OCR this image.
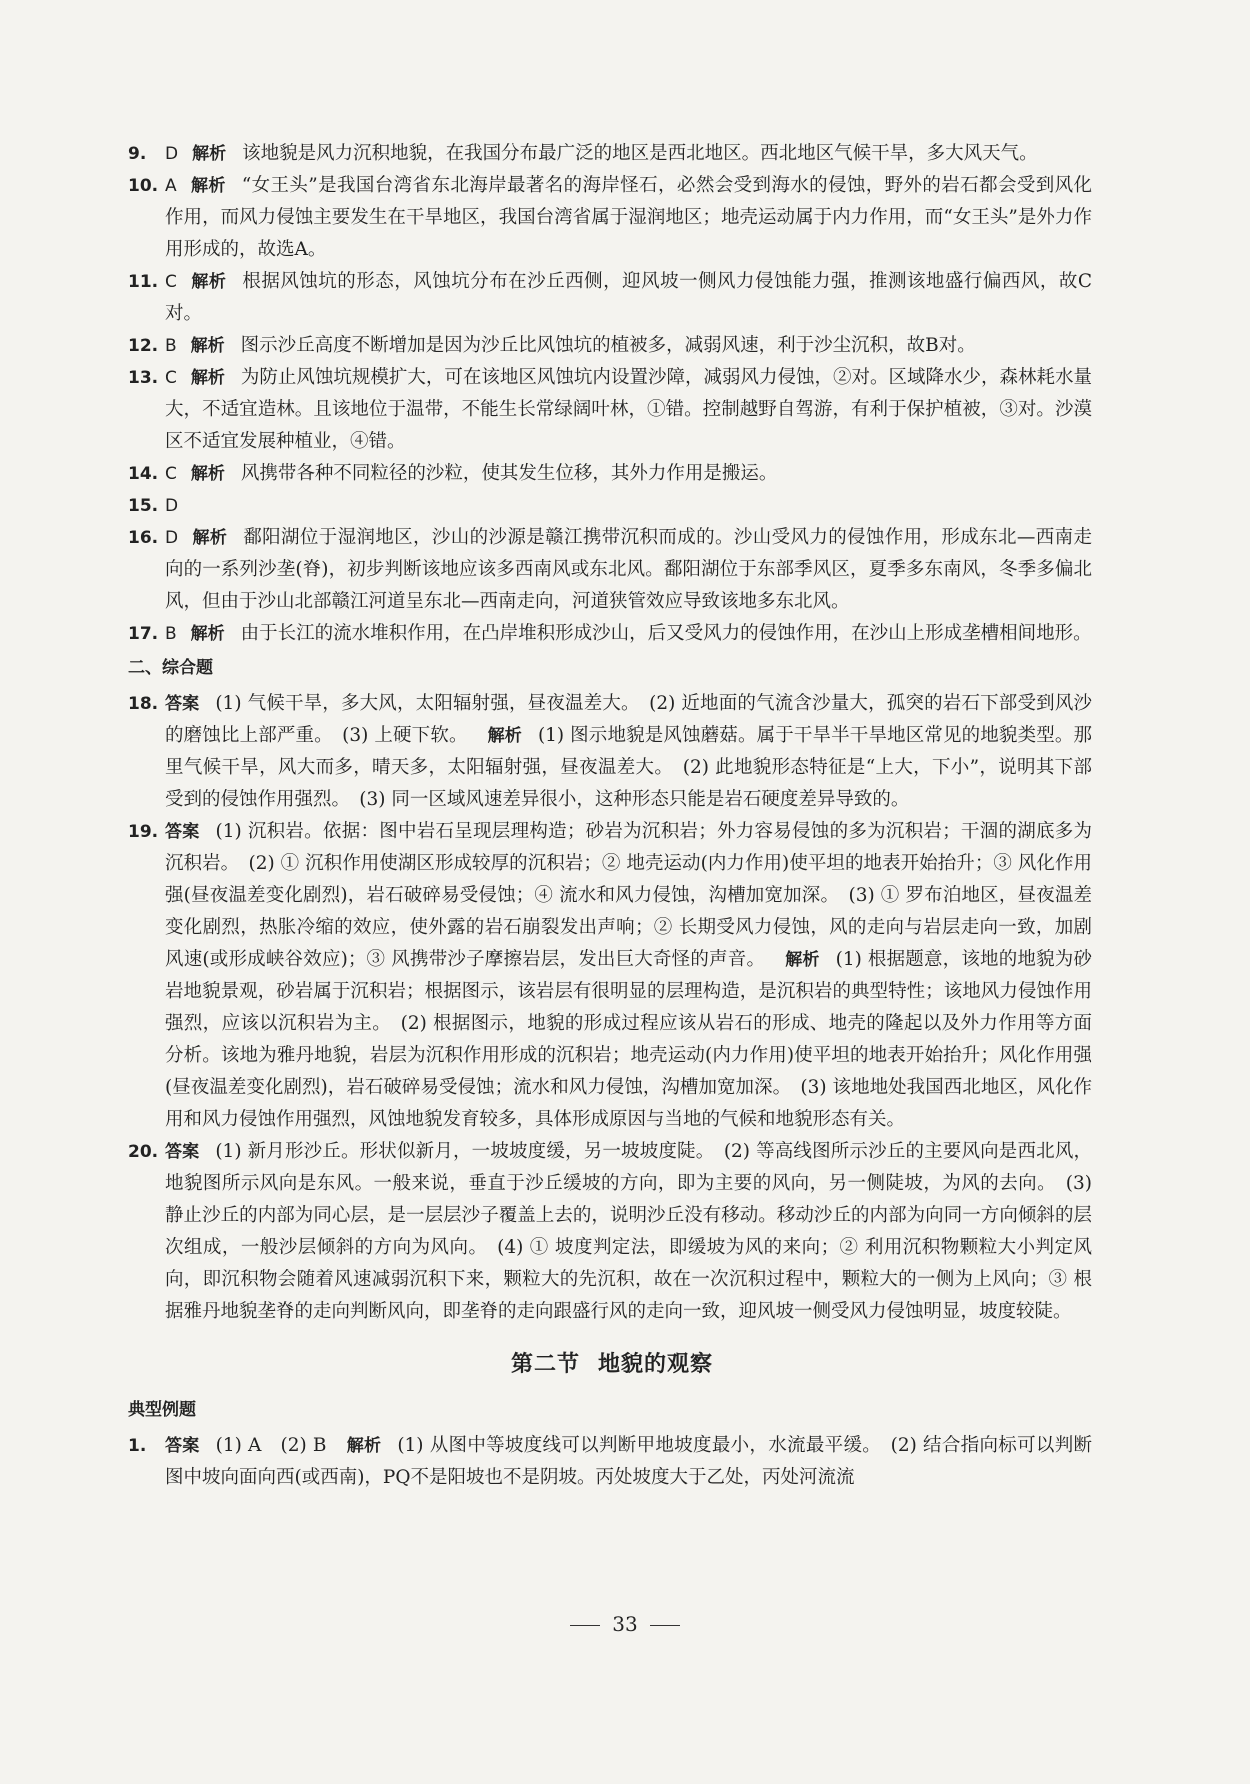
9. D 解析 该地貌是风力沉积地貌，在我国分布最广泛的地区是西北地区。西北地区气候干旱，多大风天气。
10. A 解析 “女王头”是我国台湾省东北海岸最著名的海岸怪石，必然会受到海水的侵蚀，野外的岩石都会受到风化作用，而风力侵蚀主要发生在干旱地区，我国台湾省属于湿润地区；地壳运动属于内力作用，而“女王头”是外力作用形成的，故选A。
11. C 解析 根据风蚀坑的形态，风蚀坑分布在沙丘西侧，迎风坡一侧风力侵蚀能力强，推测该地盛行偏西风，故C对。
12. B 解析 图示沙丘高度不断增加是因为沙丘比风蚀坑的植被多，减弱风速，利于沙尘沉积，故B对。
13. C 解析 为防止风蚀坑规模扩大，可在该地区风蚀坑内设置沙障，减弱风力侵蚀，②对。区域降水少，森林耗水量大，不适宜造林。且该地位于温带，不能生长常绿阔叶林，①错。控制越野自驾游，有利于保护植被，③对。沙漠区不适宜发展种植业，④错。
14. C 解析 风携带各种不同粒径的沙粒，使其发生位移，其外力作用是搬运。
15. D
16. D 解析 鄱阳湖位于湿润地区，沙山的沙源是赣江携带沉积而成的。沙山受风力的侵蚀作用，形成东北—西南走向的一系列沙垄(脊)，初步判断该地应该多西南风或东北风。鄱阳湖位于东部季风区，夏季多东南风，冬季多偏北风，但由于沙山北部赣江河道呈东北—西南走向，河道狭管效应导致该地多东北风。
17. B 解析 由于长江的流水堆积作用，在凸岸堆积形成沙山，后又受风力的侵蚀作用，在沙山上形成垄槽相间地形。
二、综合题
18. 答案 (1) 气候干旱，多大风，太阳辐射强，昼夜温差大。　(2) 近地面的气流含沙量大，孤突的岩石下部受到风沙的磨蚀比上部严重。　(3) 上硬下软。 解析 (1) 图示地貌是风蚀蘑菇。属于干旱半干旱地区常见的地貌类型。那里气候干旱，风大而多，晴天多，太阳辐射强，昼夜温差大。　(2) 此地貌形态特征是“上大，下小”，说明其下部受到的侵蚀作用强烈。　(3) 同一区域风速差异很小，这种形态只能是岩石硬度差异导致的。
19. 答案 (1) 沉积岩。依据：图中岩石呈现层理构造；砂岩为沉积岩；外力容易侵蚀的多为沉积岩；干涸的湖底多为沉积岩。　(2) ① 沉积作用使湖区形成较厚的沉积岩；② 地壳运动(内力作用)使平坦的地表开始抬升；③ 风化作用强(昼夜温差变化剧烈)，岩石破碎易受侵蚀；④ 流水和风力侵蚀，沟槽加宽加深。　(3) ① 罗布泊地区，昼夜温差变化剧烈，热胀冷缩的效应，使外露的岩石崩裂发出声响；② 长期受风力侵蚀，风的走向与岩层走向一致，加剧风速(或形成峡谷效应)；③ 风携带沙子摩擦岩层，发出巨大奇怪的声音。 解析 (1) 根据题意，该地的地貌为砂岩地貌景观，砂岩属于沉积岩；根据图示，该岩层有很明显的层理构造，是沉积岩的典型特性；该地风力侵蚀作用强烈，应该以沉积岩为主。　(2) 根据图示，地貌的形成过程应该从岩石的形成、地壳的隆起以及外力作用等方面分析。该地为雅丹地貌，岩层为沉积作用形成的沉积岩；地壳运动(内力作用)使平坦的地表开始抬升；风化作用强(昼夜温差变化剧烈)，岩石破碎易受侵蚀；流水和风力侵蚀，沟槽加宽加深。　(3) 该地地处我国西北地区，风化作用和风力侵蚀作用强烈，风蚀地貌发育较多，具体形成原因与当地的气候和地貌形态有关。
20. 答案 (1) 新月形沙丘。形状似新月，一坡坡度缓，另一坡坡度陡。　(2) 等高线图所示沙丘的主要风向是西北风，地貌图所示风向是东风。一般来说，垂直于沙丘缓坡的方向，即为主要的风向，另一侧陡坡，为风的去向。　(3) 静止沙丘的内部为同心层，是一层层沙子覆盖上去的，说明沙丘没有移动。移动沙丘的内部为向同一方向倾斜的层次组成，一般沙层倾斜的方向为风向。　(4) ① 坡度判定法，即缓坡为风的来向；② 利用沉积物颗粒大小判定风向，即沉积物会随着风速减弱沉积下来，颗粒大的先沉积，故在一次沉积过程中，颗粒大的一侧为上风向；③ 根据雅丹地貌垄脊的走向判断风向，即垄脊的走向跟盛行风的走向一致，迎风坡一侧受风力侵蚀明显，坡度较陡。
第二节 地貌的观察
典型例题
1. 答案 (1) A　(2) B 解析 (1) 从图中等坡度线可以判断甲地坡度最小，水流最平缓。　(2) 结合指向标可以判断图中坡向面向西(或西南)，PQ不是阳坡也不是阴坡。丙处坡度大于乙处，丙处河流流
33
